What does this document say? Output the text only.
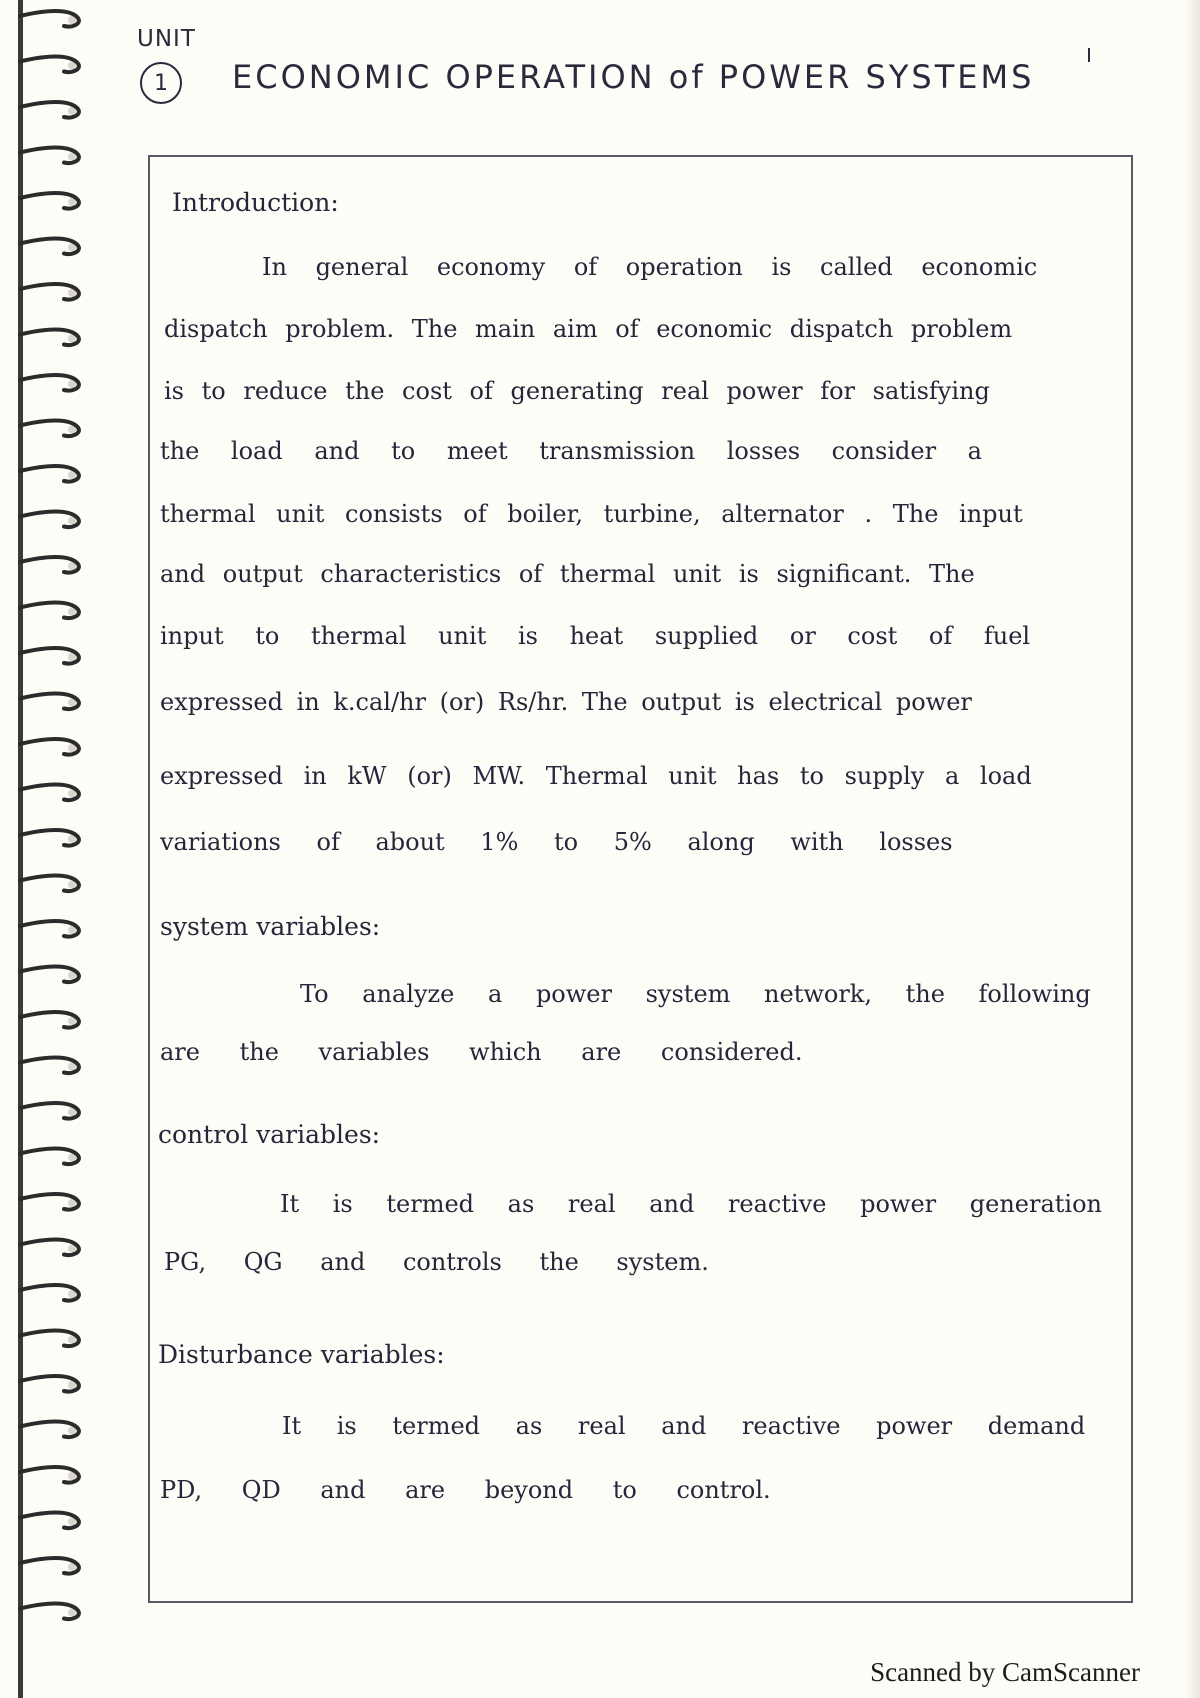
UNIT
1	ECONOMIC OPERATION of POWER SYSTEMS
Introduction:
In general economy of operation is called economic
dispatch problem. The main aim of economic dispatch problem
is to reduce the cost of generating real power for satisfying
the load and to meet transmission losses consider a
thermal unit consists of boiler, turbine, alternator . The input
and output characteristics of thermal unit is significant. The
input to thermal unit is heat supplied or cost of fuel
expressed in k.cal/hr (or) Rs/hr. The output is electrical power
expressed in kW (or) MW. Thermal unit has to supply a load
variations of about 1% to 5% along with losses
system variables:
To analyze a power system network, the following
are the variables which are considered.
control variables:
It is termed as real and reactive power generation
PG, QG and controls the system.
Disturbance variables:
It is termed as real and reactive power demand
PD, QD and are beyond to control.
Scanned by CamScanner
